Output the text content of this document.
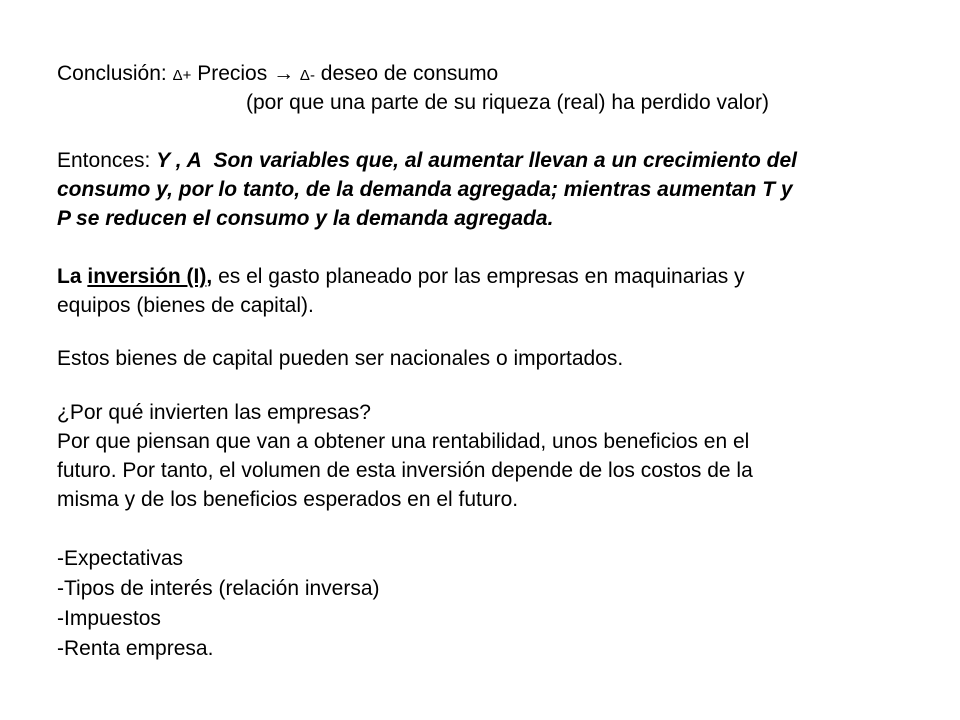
Conclusión: Δ+ Precios → Δ- deseo de consumo
(por que una parte de su riqueza (real) ha perdido valor)
Entonces: Y , A Son variables que, al aumentar llevan a un crecimiento del
consumo y, por lo tanto, de la demanda agregada; mientras aumentan T y
P se reducen el consumo y la demanda agregada.
La inversión (I), es el gasto planeado por las empresas en maquinarias y
equipos (bienes de capital).
Estos bienes de capital pueden ser nacionales o importados.
¿Por qué invierten las empresas?
Por que piensan que van a obtener una rentabilidad, unos beneficios en el
futuro. Por tanto, el volumen de esta inversión depende de los costos de la
misma y de los beneficios esperados en el futuro.
-Expectativas
-Tipos de interés (relación inversa)
-Impuestos
-Renta empresa.
